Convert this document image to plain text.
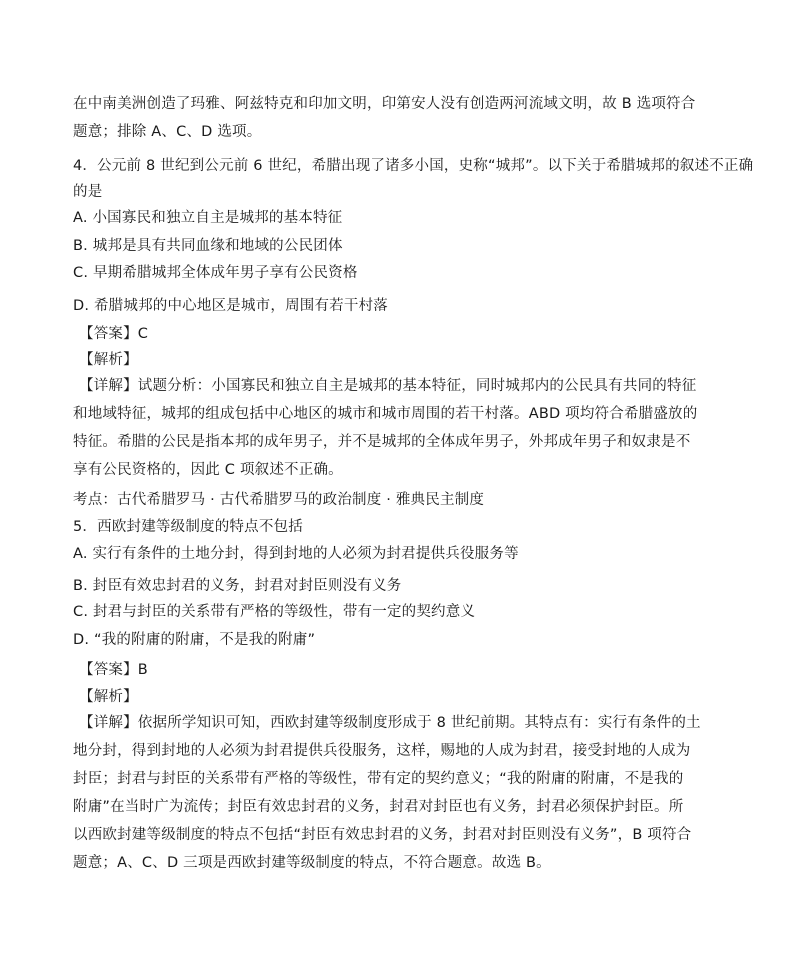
在中南美洲创造了玛雅、阿兹特克和印加文明，印第安人没有创造两河流域文明，故 B 选项符合
题意；排除 A、C、D 选项。
4．公元前 8 世纪到公元前 6 世纪，希腊出现了诸多小国，史称“城邦”。以下关于希腊城邦的叙述不正确
的是
A. 小国寡民和独立自主是城邦的基本特征
B. 城邦是具有共同血缘和地域的公民团体
C. 早期希腊城邦全体成年男子享有公民资格
D. 希腊城邦的中心地区是城市，周围有若干村落
【答案】C
【解析】
【详解】试题分析：小国寡民和独立自主是城邦的基本特征，同时城邦内的公民具有共同的特征
和地域特征，城邦的组成包括中心地区的城市和城市周围的若干村落。ABD 项均符合希腊盛放的
特征。希腊的公民是指本邦的成年男子，并不是城邦的全体成年男子，外邦成年男子和奴隶是不
享有公民资格的，因此 C 项叙述不正确。
考点：古代希腊罗马 · 古代希腊罗马的政治制度 · 雅典民主制度
5．西欧封建等级制度的特点不包括
A. 实行有条件的土地分封，得到封地的人必须为封君提供兵役服务等
B. 封臣有效忠封君的义务，封君对封臣则没有义务
C. 封君与封臣的关系带有严格的等级性，带有一定的契约意义
D. “我的附庸的附庸，不是我的附庸”
【答案】B
【解析】
【详解】依据所学知识可知，西欧封建等级制度形成于 8 世纪前期。其特点有：实行有条件的土
地分封，得到封地的人必须为封君提供兵役服务，这样，赐地的人成为封君，接受封地的人成为
封臣；封君与封臣的关系带有严格的等级性，带有定的契约意义；“我的附庸的附庸，不是我的
附庸”在当时广为流传；封臣有效忠封君的义务，封君对封臣也有义务，封君必须保护封臣。所
以西欧封建等级制度的特点不包括“封臣有效忠封君的义务，封君对封臣则没有义务”，B 项符合
题意；A、C、D 三项是西欧封建等级制度的特点，不符合题意。故选 B。
